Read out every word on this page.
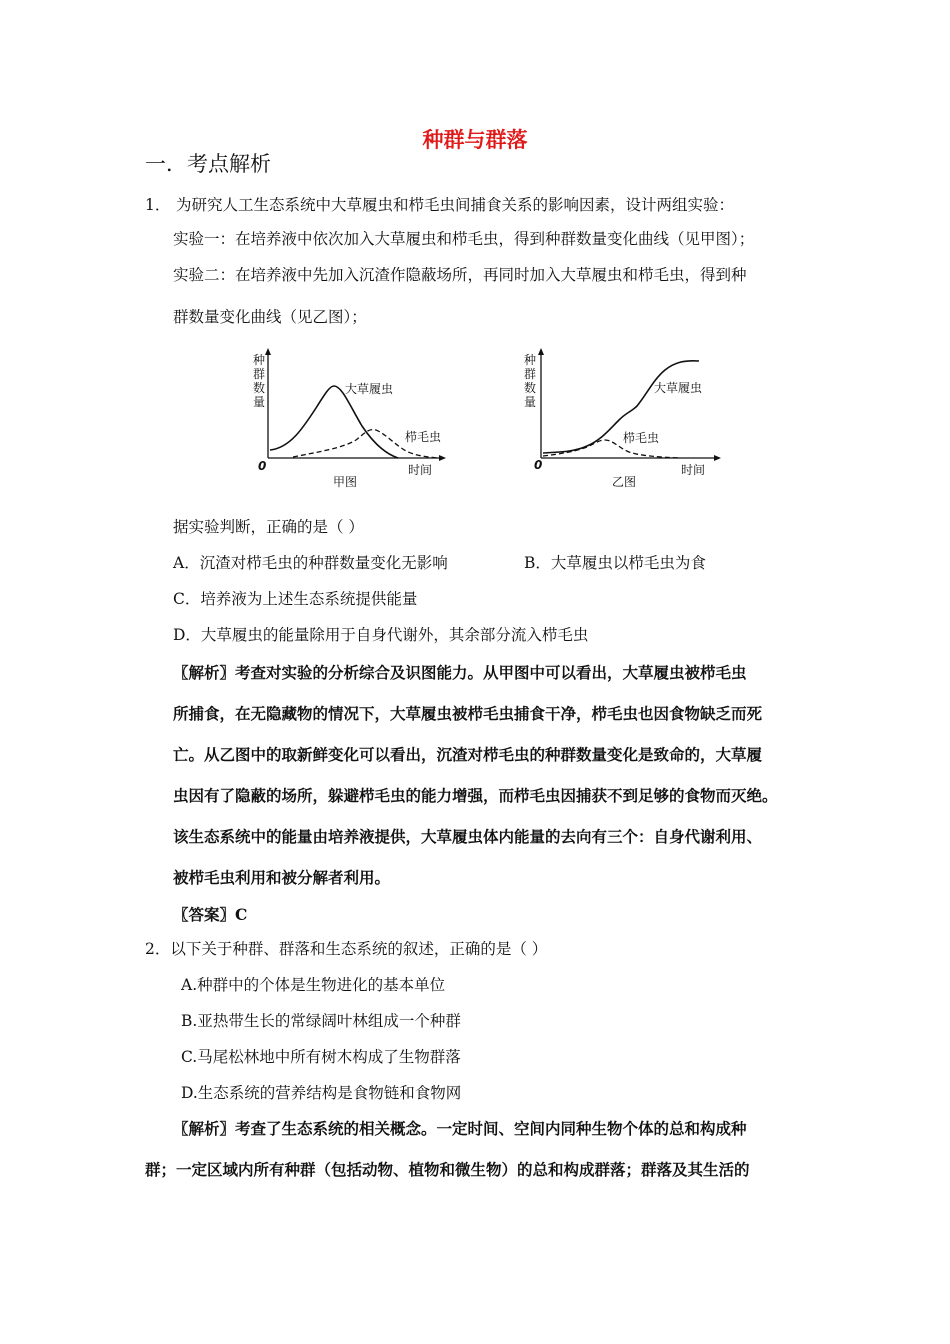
种群与群落
一．考点解析
1． 为研究人工生态系统中大草履虫和栉毛虫间捕食关系的影响因素，设计两组实验：
实验一：在培养液中依次加入大草履虫和栉毛虫，得到种群数量变化曲线（见甲图）；
实验二：在培养液中先加入沉渣作隐蔽场所，再同时加入大草履虫和栉毛虫，得到种
群数量变化曲线（见乙图）；
种
群
数
量
大草履虫
栉毛虫
0	时间
甲图
种
群
数
量
大草履虫
栉毛虫
0	时间
乙图
据实验判断，正确的是（ ）
A．沉渣对栉毛虫的种群数量变化无影响	B．大草履虫以栉毛虫为食
C．培养液为上述生态系统提供能量
D．大草履虫的能量除用于自身代谢外，其余部分流入栉毛虫
〖解析〗考查对实验的分析综合及识图能力。从甲图中可以看出，大草履虫被栉毛虫
所捕食，在无隐藏物的情况下，大草履虫被栉毛虫捕食干净，栉毛虫也因食物缺乏而死
亡。从乙图中的取新鲜变化可以看出，沉渣对栉毛虫的种群数量变化是致命的，大草履
虫因有了隐蔽的场所，躲避栉毛虫的能力增强，而栉毛虫因捕获不到足够的食物而灭绝。
该生态系统中的能量由培养液提供，大草履虫体内能量的去向有三个：自身代谢利用、
被栉毛虫利用和被分解者利用。
〖答案〗C
2．以下关于种群、群落和生态系统的叙述，正确的是（ ）
A.种群中的个体是生物进化的基本单位
B.亚热带生长的常绿阔叶林组成一个种群
C.马尾松林地中所有树木构成了生物群落
D.生态系统的营养结构是食物链和食物网
〖解析〗考查了生态系统的相关概念。一定时间、空间内同种生物个体的总和构成种
群；一定区域内所有种群（包括动物、植物和微生物）的总和构成群落；群落及其生活的
